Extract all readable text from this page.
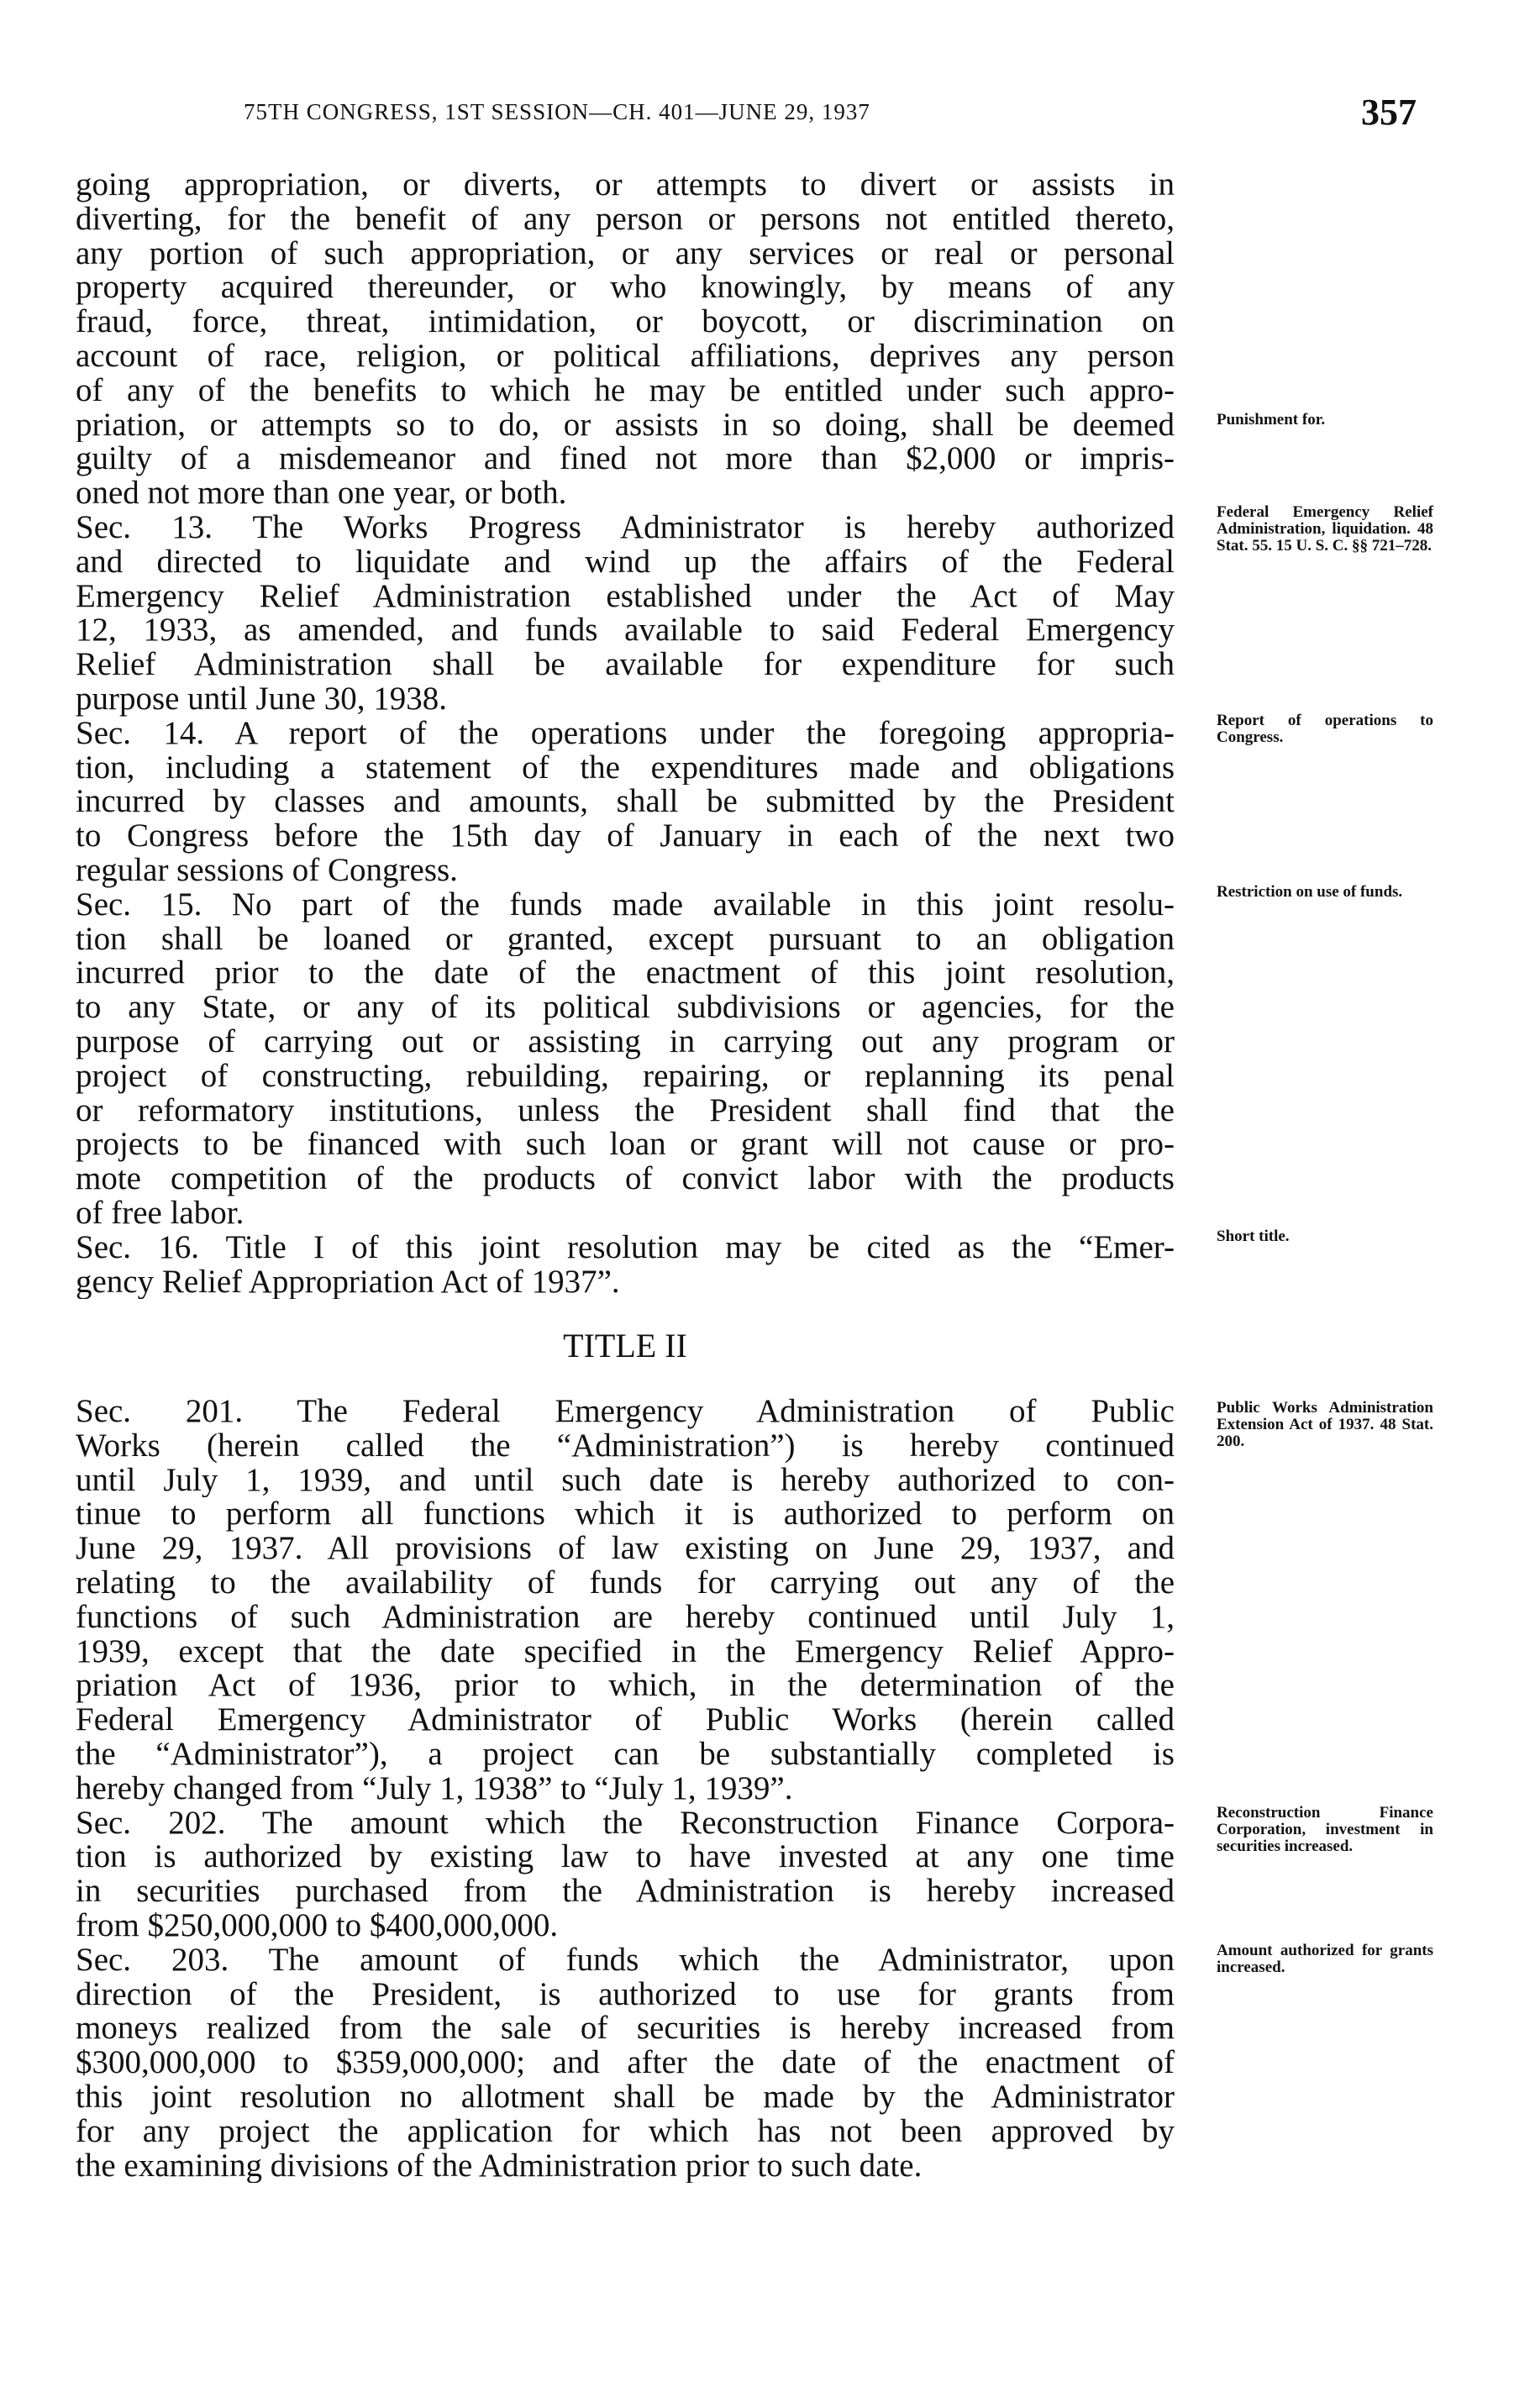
75TH CONGRESS, 1ST SESSION—CH. 401—JUNE 29, 1937	357
going appropriation, or diverts, or attempts to divert or assists in
diverting, for the benefit of any person or persons not entitled thereto,
any portion of such appropriation, or any services or real or personal
property acquired thereunder, or who knowingly, by means of any
fraud, force, threat, intimidation, or boycott, or discrimination on
account of race, religion, or political affiliations, deprives any person
of any of the benefits to which he may be entitled under such appro-
priation, or attempts so to do, or assists in so doing, shall be deemed
guilty of a misdemeanor and fined not more than $2,000 or impris-
oned not more than one year, or both.
Sec. 13. The Works Progress Administrator is hereby authorized
and directed to liquidate and wind up the affairs of the Federal
Emergency Relief Administration established under the Act of May
12, 1933, as amended, and funds available to said Federal Emergency
Relief Administration shall be available for expenditure for such
purpose until June 30, 1938.
Sec. 14. A report of the operations under the foregoing appropria-
tion, including a statement of the expenditures made and obligations
incurred by classes and amounts, shall be submitted by the President
to Congress before the 15th day of January in each of the next two
regular sessions of Congress.
Sec. 15. No part of the funds made available in this joint resolu-
tion shall be loaned or granted, except pursuant to an obligation
incurred prior to the date of the enactment of this joint resolution,
to any State, or any of its political subdivisions or agencies, for the
purpose of carrying out or assisting in carrying out any program or
project of constructing, rebuilding, repairing, or replanning its penal
or reformatory institutions, unless the President shall find that the
projects to be financed with such loan or grant will not cause or pro-
mote competition of the products of convict labor with the products
of free labor.
Sec. 16. Title I of this joint resolution may be cited as the “Emer-
gency Relief Appropriation Act of 1937”.
TITLE II
Sec. 201. The Federal Emergency Administration of Public
Works (herein called the “Administration”) is hereby continued
until July 1, 1939, and until such date is hereby authorized to con-
tinue to perform all functions which it is authorized to perform on
June 29, 1937. All provisions of law existing on June 29, 1937, and
relating to the availability of funds for carrying out any of the
functions of such Administration are hereby continued until July 1,
1939, except that the date specified in the Emergency Relief Appro-
priation Act of 1936, prior to which, in the determination of the
Federal Emergency Administrator of Public Works (herein called
the “Administrator”), a project can be substantially completed is
hereby changed from “July 1, 1938” to “July 1, 1939”.
Sec. 202. The amount which the Reconstruction Finance Corpora-
tion is authorized by existing law to have invested at any one time
in securities purchased from the Administration is hereby increased
from $250,000,000 to $400,000,000.
Sec. 203. The amount of funds which the Administrator, upon
direction of the President, is authorized to use for grants from
moneys realized from the sale of securities is hereby increased from
$300,000,000 to $359,000,000; and after the date of the enactment of
this joint resolution no allotment shall be made by the Administrator
for any project the application for which has not been approved by
the examining divisions of the Administration prior to such date.
Punishment for.
Federal Emergency Relief Administration, liquidation. 48 Stat. 55. 15 U. S. C. §§ 721–728.
Report of operations to Congress.
Restriction on use of funds.
Short title.
Public Works Administration Extension Act of 1937. 48 Stat. 200.
Reconstruction Finance Corporation, investment in securities increased.
Amount authorized for grants increased.
